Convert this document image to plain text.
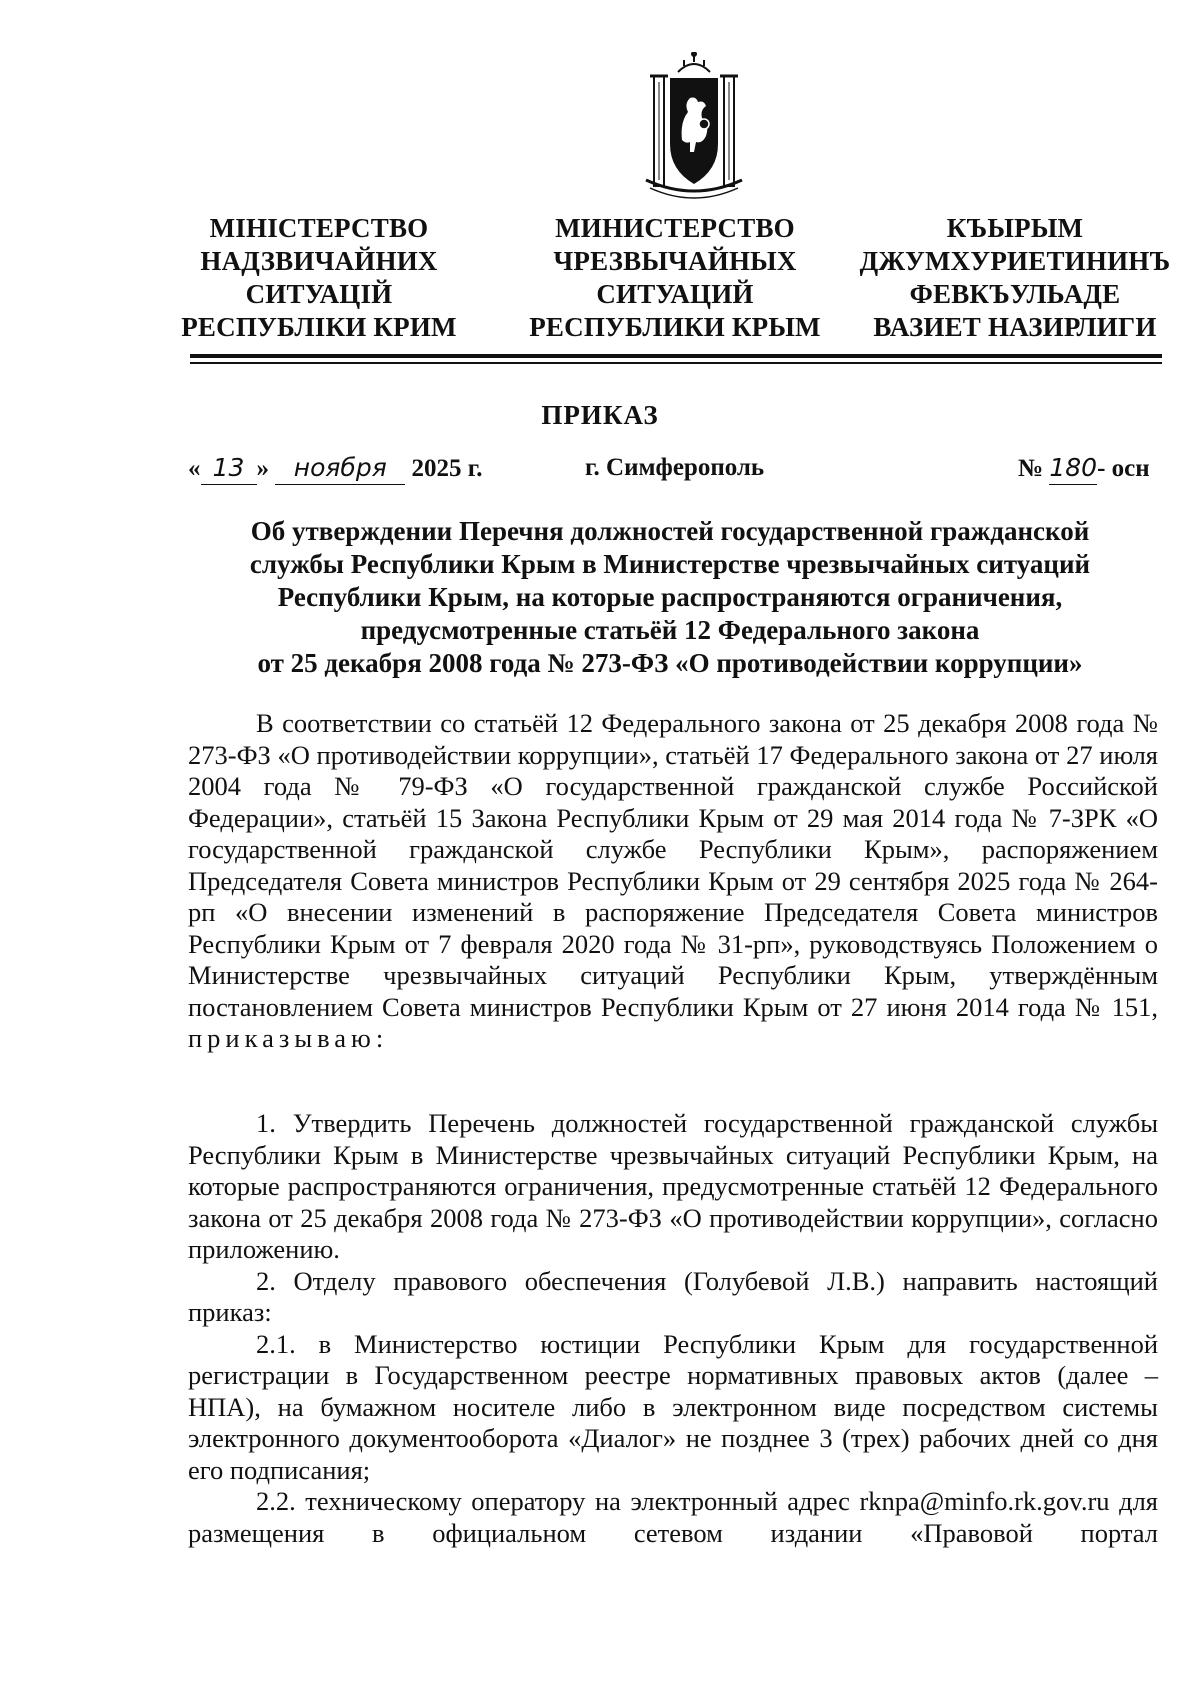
МІНІСТЕРСТВО
НАДЗВИЧАЙНИХ
СИТУАЦІЙ
РЕСПУБЛІКИ КРИМ
МИНИСТЕРСТВО
ЧРЕЗВЫЧАЙНЫХ
СИТУАЦИЙ
РЕСПУБЛИКИ КРЫМ
КЪЫРЫМ
ДЖУМХУРИЕТИНИНЪ
ФЕВКЪУЛЬАДЕ
ВАЗИЕТ НАЗИРЛИГИ
ПРИКАЗ
« 13 » ноября 2025 г.	г. Симферополь	№ 180- осн
Об утверждении Перечня должностей государственной гражданской
службы Республики Крым в Министерстве чрезвычайных ситуаций
Республики Крым, на которые распространяются ограничения,
предусмотренные статьёй 12 Федерального закона
от 25 декабря 2008 года № 273-ФЗ «О противодействии коррупции»

В соответствии со статьёй 12 Федерального закона от 25 декабря 2008 года № 273-ФЗ «О противодействии коррупции», статьёй 17 Федерального закона от 27 июля 2004 года № 79-ФЗ «О государственной гражданской службе Российской Федерации», статьёй 15 Закона Республики Крым от 29 мая 2014 года № 7-ЗРК «О государственной гражданской службе Республики Крым», распоряжением Председателя Совета министров Республики Крым от 29 сентября 2025 года № 264-рп «О внесении изменений в распоряжение Председателя Совета министров Республики Крым от 7 февраля 2020 года № 31-рп», руководствуясь Положением о Министерстве чрезвычайных ситуаций Республики Крым, утверждённым постановлением Совета министров Республики Крым от 27 июня 2014 года № 151, приказываю:

1. Утвердить Перечень должностей государственной гражданской службы Республики Крым в Министерстве чрезвычайных ситуаций Республики Крым, на которые распространяются ограничения, предусмотренные статьёй 12 Федерального закона от 25 декабря 2008 года № 273-ФЗ «О противодействии коррупции», согласно приложению.

2. Отделу правового обеспечения (Голубевой Л.В.) направить настоящий приказ:

2.1. в Министерство юстиции Республики Крым для государственной регистрации в Государственном реестре нормативных правовых актов (далее – НПА), на бумажном носителе либо в электронном виде посредством системы электронного документооборота «Диалог» не позднее 3 (трех) рабочих дней со дня его подписания;

2.2. техническому оператору на электронный адрес rknpa@minfo.rk.gov.ru для размещения в официальном сетевом издании «Правовой портал
